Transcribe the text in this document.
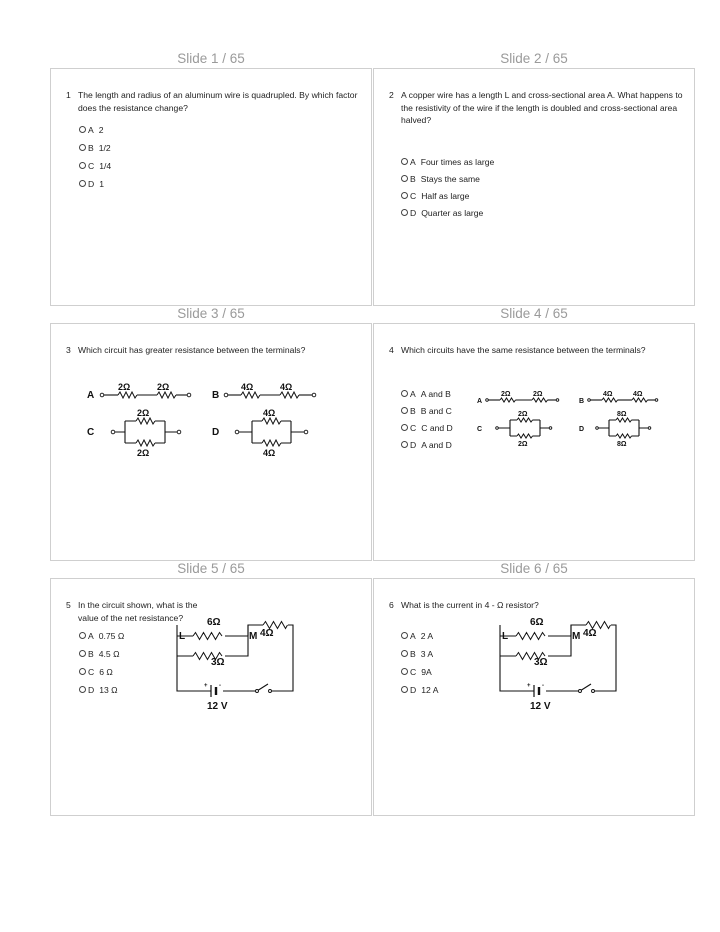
Slide 1 / 65	Slide 2 / 65
1 The length and radius of an aluminum wire is quadrupled. By which factor does the resistance change?
A 2
B 1/2
C 1/4
D 1
2 A copper wire has a length L and cross-sectional area A. What happens to the resistivity of the wire if the length is doubled and cross-sectional area halved?
A Four times as large
B Stays the same
C Half as large
D Quarter as large
Slide 3 / 65	Slide 4 / 65
3 Which circuit has greater resistance between the terminals?
A
2Ω	2Ω
B
4Ω	4Ω
C
2Ω
2Ω
D
4Ω
4Ω
4 Which circuits have the same resistance between the terminals?
A A and B
B B and C
C C and D
D A and D
A
2Ω	2Ω
B
4Ω	4Ω
C
2Ω
2Ω
D
8Ω
8Ω
Slide 5 / 65	Slide 6 / 65
5 In the circuit shown, what is the value of the net resistance?
A 0.75 Ω
B 4.5 Ω
C 6 Ω
D 13 Ω
L	M
6Ω
3Ω
4Ω
+ -
12 V
6 What is the current in 4 - Ω resistor?
A 2 A
B 3 A
C 9A
D 12 A
L	M
6Ω
3Ω
4Ω
+ -
12 V
